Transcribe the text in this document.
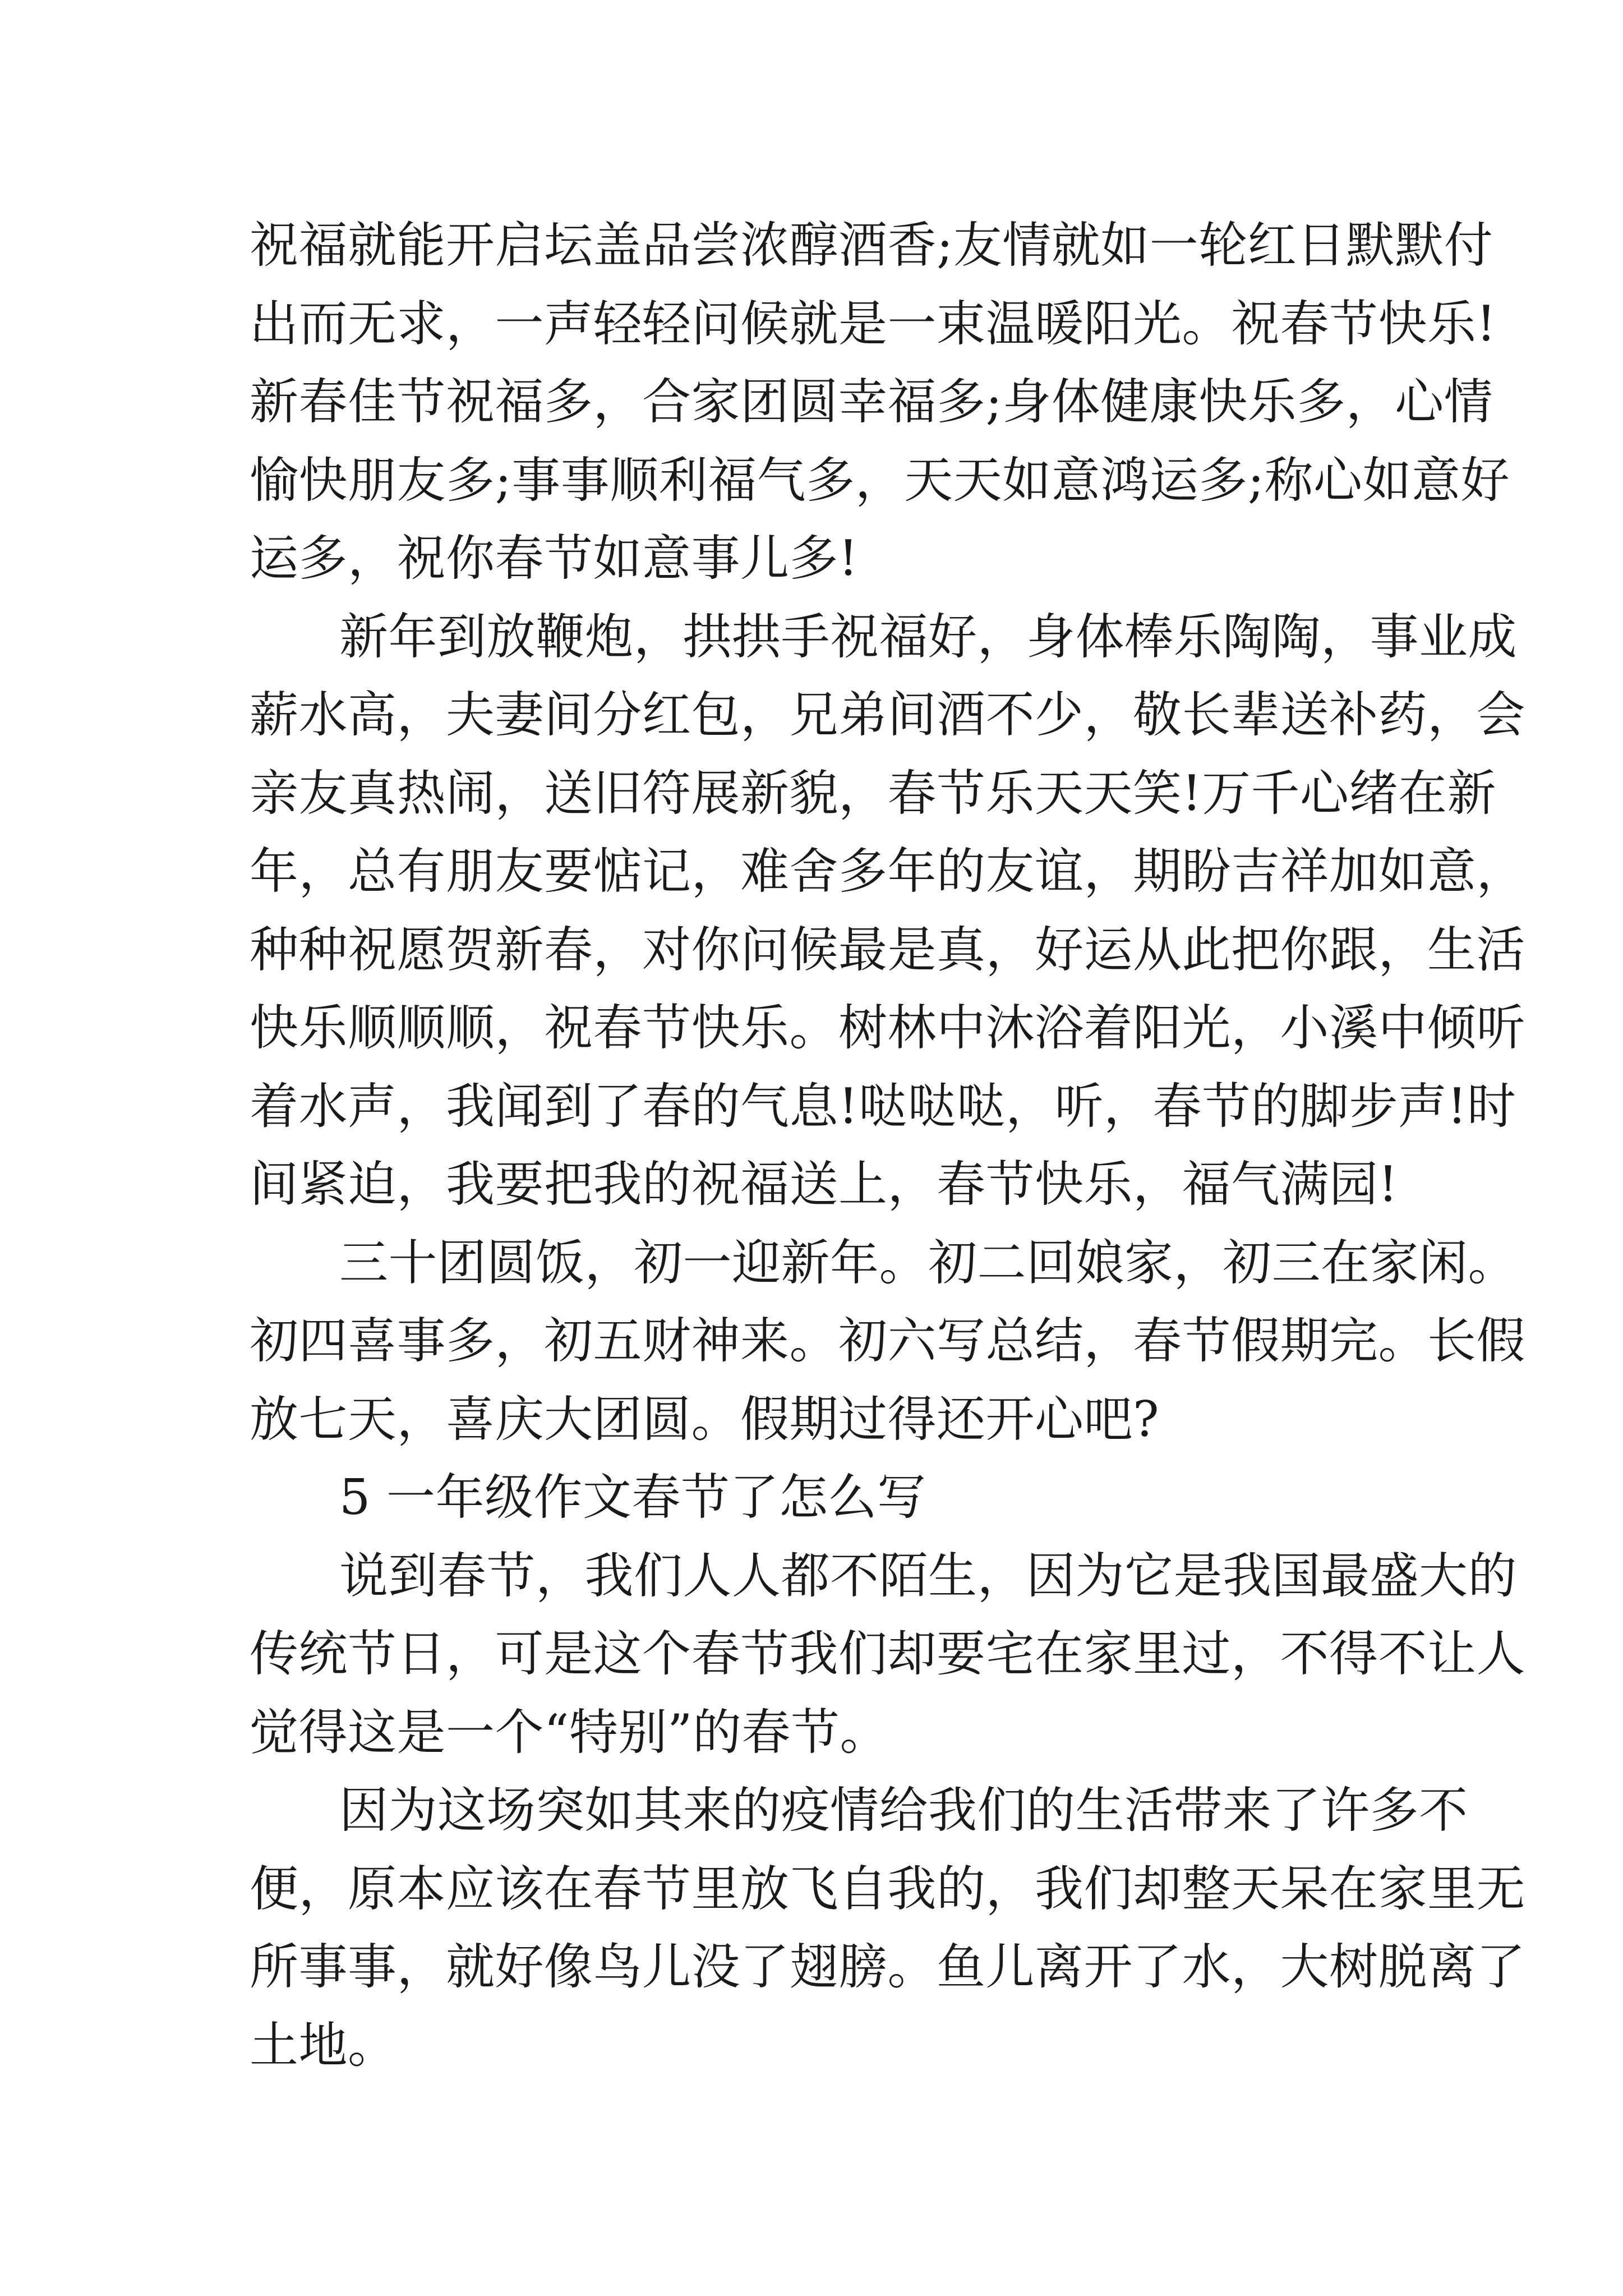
祝福就能开启坛盖品尝浓醇酒香;友情就如一轮红日默默付
出而无求，一声轻轻问候就是一束温暖阳光。祝春节快乐!
新春佳节祝福多，合家团圆幸福多;身体健康快乐多，心情
愉快朋友多;事事顺利福气多，天天如意鸿运多;称心如意好
运多，祝你春节如意事儿多!
新年到放鞭炮，拱拱手祝福好，身体棒乐陶陶，事业成
薪水高，夫妻间分红包，兄弟间酒不少，敬长辈送补药，会
亲友真热闹，送旧符展新貌，春节乐天天笑!万千心绪在新
年，总有朋友要惦记，难舍多年的友谊，期盼吉祥加如意，
种种祝愿贺新春，对你问候最是真，好运从此把你跟，生活
快乐顺顺顺，祝春节快乐。树林中沐浴着阳光，小溪中倾听
着水声，我闻到了春的气息!哒哒哒，听，春节的脚步声!时
间紧迫，我要把我的祝福送上，春节快乐，福气满园!
三十团圆饭，初一迎新年。初二回娘家，初三在家闲。
初四喜事多，初五财神来。初六写总结，春节假期完。长假
放七天，喜庆大团圆。假期过得还开心吧?
5 一年级作文春节了怎么写
说到春节，我们人人都不陌生，因为它是我国最盛大的
传统节日，可是这个春节我们却要宅在家里过，不得不让人
觉得这是一个“特别”的春节。
因为这场突如其来的疫情给我们的生活带来了许多不
便，原本应该在春节里放飞自我的，我们却整天呆在家里无
所事事，就好像鸟儿没了翅膀。鱼儿离开了水，大树脱离了
土地。
